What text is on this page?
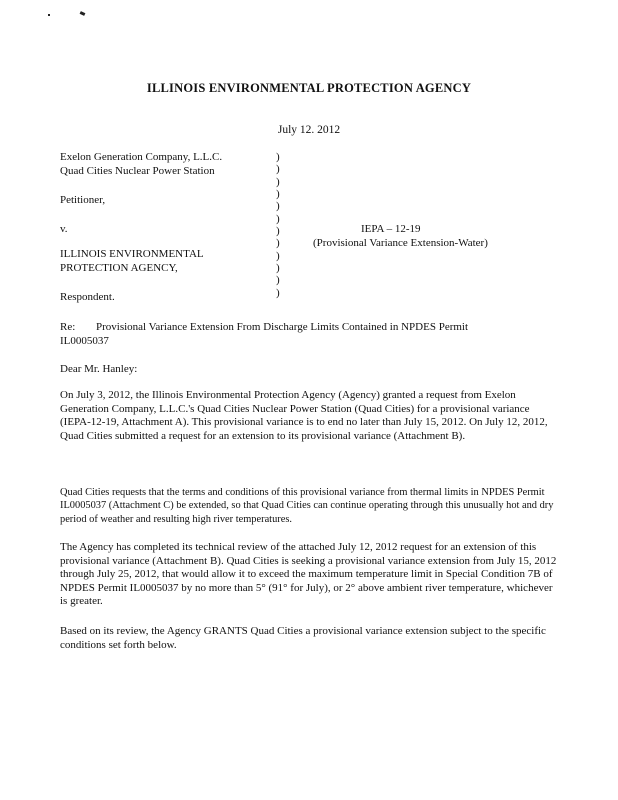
ILLINOIS ENVIRONMENTAL PROTECTION AGENCY
July 12. 2012
Exelon Generation Company, L.L.C.
Quad Cities Nuclear Power Station
Petitioner,
v.
ILLINOIS ENVIRONMENTAL
PROTECTION AGENCY,
Respondent.
)
)
)
)
)
)
)
)
)
)
)
)
IEPA – 12-19
(Provisional Variance Extension-Water)
Re: Provisional Variance Extension From Discharge Limits Contained in NPDES Permit
IL0005037
Dear Mr. Hanley:
On July 3, 2012, the Illinois Environmental Protection Agency (Agency) granted a request from Exelon Generation Company, L.L.C.'s Quad Cities Nuclear Power Station (Quad Cities) for a provisional variance (IEPA-12-19, Attachment A). This provisional variance is to end no later than July 15, 2012. On July 12, 2012, Quad Cities submitted a request for an extension to its provisional variance (Attachment B).
Quad Cities requests that the terms and conditions of this provisional variance from thermal limits in NPDES Permit IL0005037 (Attachment C) be extended, so that Quad Cities can continue operating through this unusually hot and dry period of weather and resulting high river temperatures.
The Agency has completed its technical review of the attached July 12, 2012 request for an extension of this provisional variance (Attachment B). Quad Cities is seeking a provisional variance extension from July 15, 2012 through July 25, 2012, that would allow it to exceed the maximum temperature limit in Special Condition 7B of NPDES Permit IL0005037 by no more than 5° (91° for July), or 2° above ambient river temperature, whichever is greater.
Based on its review, the Agency GRANTS Quad Cities a provisional variance extension subject to the specific conditions set forth below.
